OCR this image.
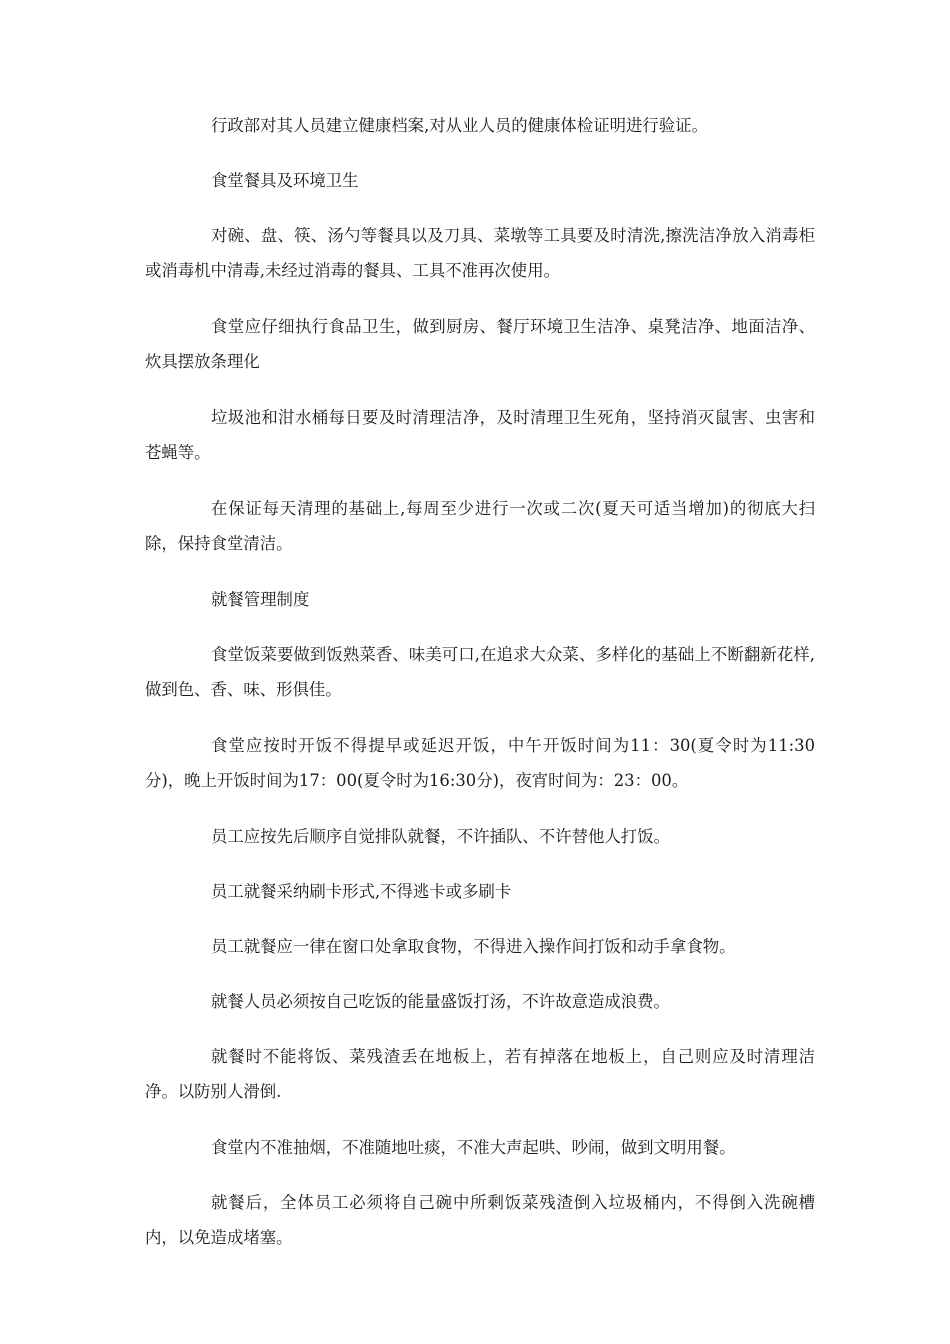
行政部对其人员建立健康档案,对从业人员的健康体检证明进行验证。

食堂餐具及环境卫生

对碗、盘、筷、汤勺等餐具以及刀具、菜墩等工具要及时清洗,擦洗洁净放入消毒柜或消毒机中清毒,未经过消毒的餐具、工具不准再次使用。

食堂应仔细执行食品卫生，做到厨房、餐厅环境卫生洁净、桌凳洁净、地面洁净、炊具摆放条理化

垃圾池和泔水桶每日要及时清理洁净，及时清理卫生死角，坚持消灭鼠害、虫害和苍蝇等。

在保证每天清理的基础上,每周至少进行一次或二次(夏天可适当增加)的彻底大扫除，保持食堂清洁。

就餐管理制度

食堂饭菜要做到饭熟菜香、味美可口,在追求大众菜、多样化的基础上不断翻新花样,做到色、香、味、形俱佳。

食堂应按时开饭不得提早或延迟开饭，中午开饭时间为11：30(夏令时为11:30分)，晚上开饭时间为17：00(夏令时为16:30分)，夜宵时间为：23：00。

员工应按先后顺序自觉排队就餐，不许插队、不许替他人打饭。

员工就餐采纳刷卡形式,不得逃卡或多刷卡

员工就餐应一律在窗口处拿取食物，不得进入操作间打饭和动手拿食物。

就餐人员必须按自己吃饭的能量盛饭打汤，不许故意造成浪费。

就餐时不能将饭、菜残渣丢在地板上，若有掉落在地板上，自己则应及时清理洁净。以防别人滑倒.

食堂内不准抽烟，不准随地吐痰，不准大声起哄、吵闹，做到文明用餐。

就餐后，全体员工必须将自己碗中所剩饭菜残渣倒入垃圾桶内，不得倒入洗碗槽内，以免造成堵塞。
